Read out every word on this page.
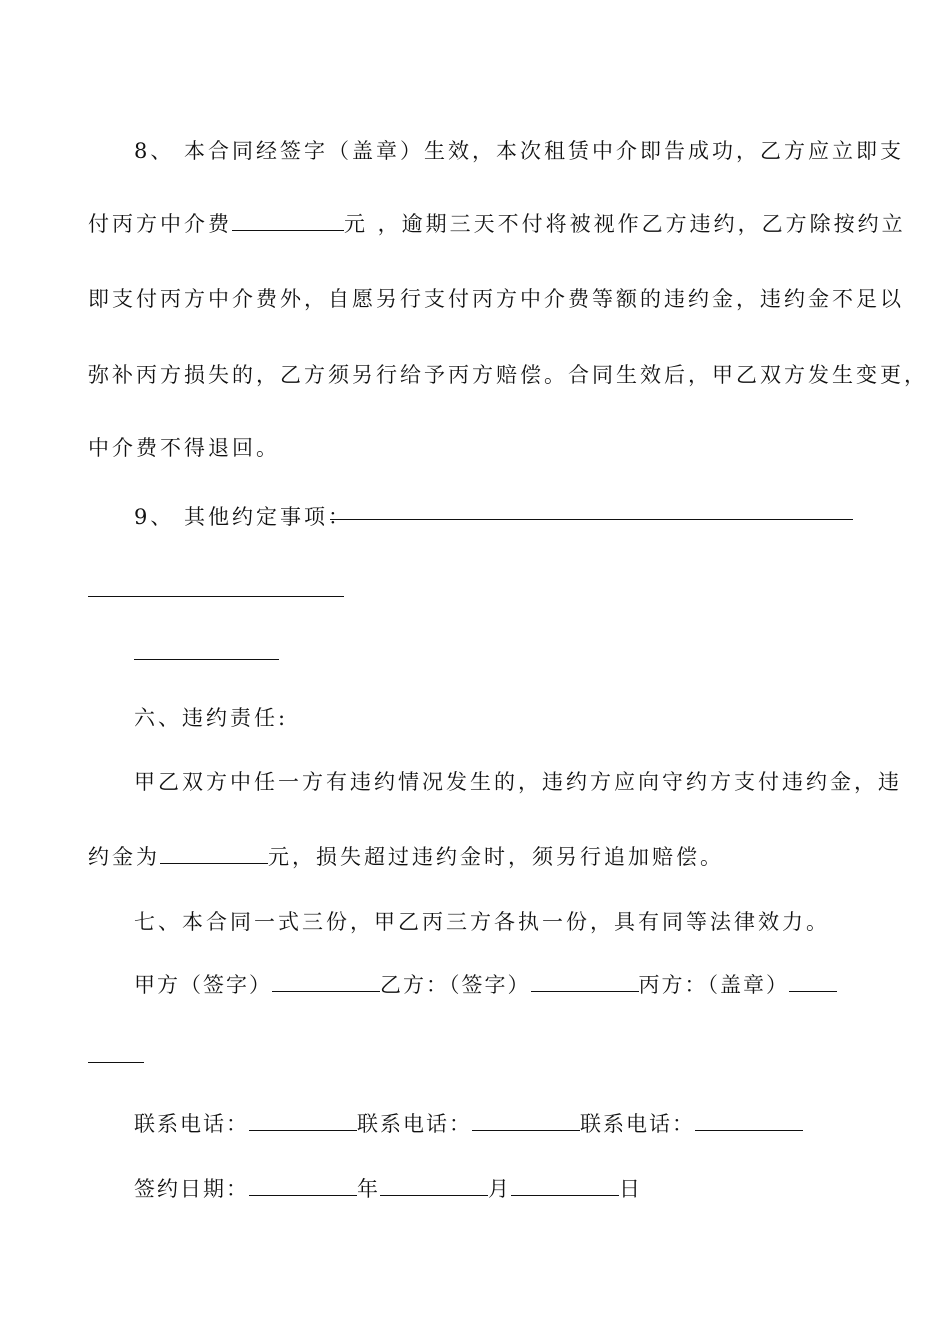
8、 本合同经签字（盖章）生效，本次租赁中介即告成功，乙方应立即支
付丙方中介费	元 ，逾期三天不付将被视作乙方违约，乙方除按约立
即支付丙方中介费外，自愿另行支付丙方中介费等额的违约金，违约金不足以
弥补丙方损失的，乙方须另行给予丙方赔偿。合同生效后，甲乙双方发生变更，
中介费不得退回。
9、 其他约定事项：
六、违约责任:
甲乙双方中任一方有违约情况发生的，违约方应向守约方支付违约金，违
约金为	元，损失超过违约金时，须另行追加赔偿。
七、本合同一式三份，甲乙丙三方各执一份，具有同等法律效力。
甲方（签字）	乙方：（签字）	丙方：（盖章）
联系电话：	联系电话：	联系电话：
签约日期：	年	月	日
